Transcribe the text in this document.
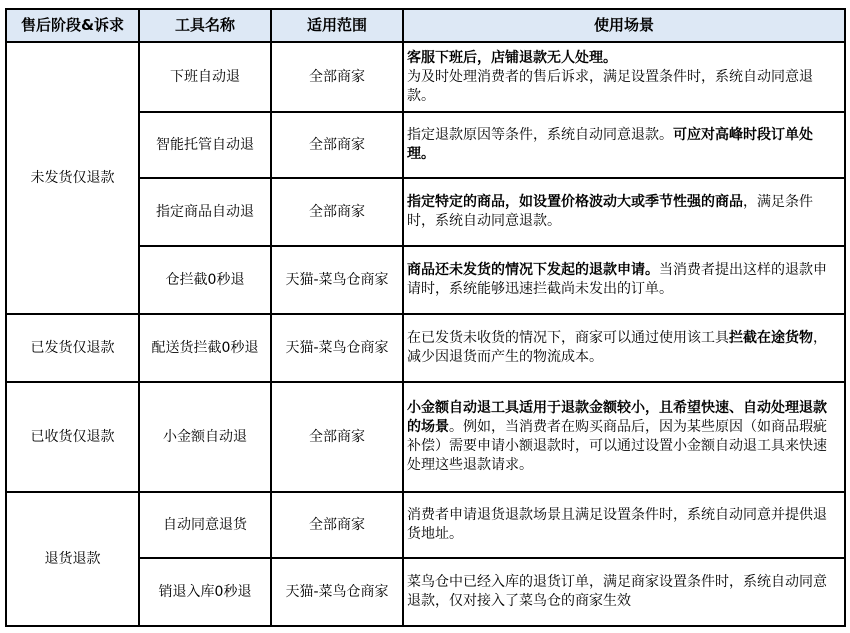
售后阶段&诉求	工具名称	适用范围	使用场景
未发货仅退款	下班自动退	全部商家	客服下班后，店铺退款无人处理。
为及时处理消费者的售后诉求，满足设置条件时，系统自动同意退款。
	智能托管自动退	全部商家	指定退款原因等条件，系统自动同意退款。可应对高峰时段订单处理。
	指定商品自动退	全部商家	指定特定的商品，如设置价格波动大或季节性强的商品，满足条件时，系统自动同意退款。
	仓拦截0秒退	天猫-菜鸟仓商家	商品还未发货的情况下发起的退款申请。当消费者提出这样的退款申请时，系统能够迅速拦截尚未发出的订单。
已发货仅退款	配送货拦截0秒退	天猫-菜鸟仓商家	在已发货未收货的情况下，商家可以通过使用该工具拦截在途货物，减少因退货而产生的物流成本。
已收货仅退款	小金额自动退	全部商家	小金额自动退工具适用于退款金额较小，且希望快速、自动处理退款的场景。例如，当消费者在购买商品后，因为某些原因（如商品瑕疵补偿）需要申请小额退款时，可以通过设置小金额自动退工具来快速处理这些退款请求。
退货退款	自动同意退货	全部商家	消费者申请退货退款场景且满足设置条件时，系统自动同意并提供退货地址。
	销退入库0秒退	天猫-菜鸟仓商家	菜鸟仓中已经入库的退货订单，满足商家设置条件时，系统自动同意退款，仅对接入了菜鸟仓的商家生效
